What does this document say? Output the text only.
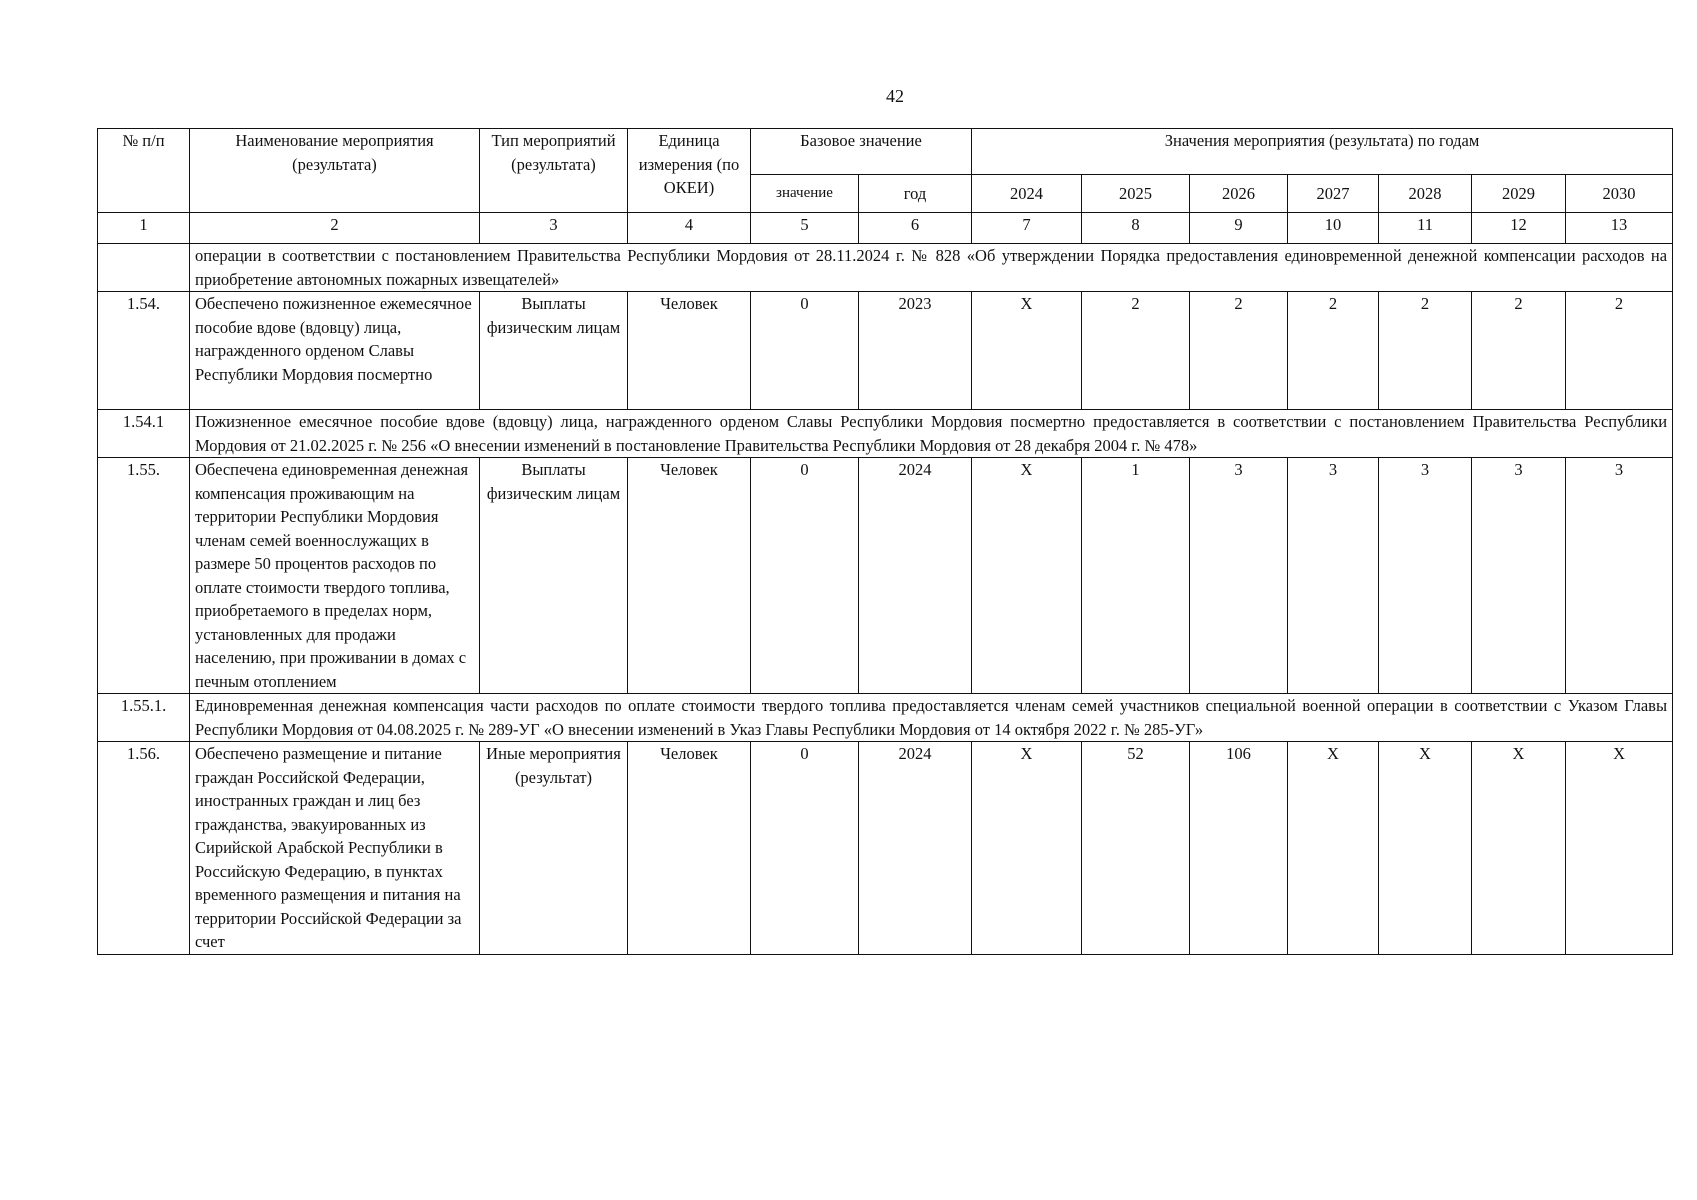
42
№ п/п	Наименование мероприятия (результата)	Тип мероприятий (результата)	Единица измерения (по ОКЕИ)	Базовое значение		Значения мероприятия (результата) по годам						
				значение	год	2024	2025	2026	2027	2028	2029	2030
1	2	3	4	5	6	7	8	9	10	11	12	13
	операции в соответствии с постановлением Правительства Республики Мордовия от 28.11.2024 г. № 828 «Об утверждении Порядка предоставления единовременной денежной компенсации расходов на приобретение автономных пожарных извещателей»											
1.54.	Обеспечено пожизненное ежемесячное пособие вдове (вдовцу) лица, награжденного орденом Славы Республики Мордовия посмертно	Выплаты физическим лицам	Человек	0	2023	X	2	2	2	2	2	2
1.54.1	Пожизненное емесячное пособие вдове (вдовцу) лица, награжденного орденом Славы Республики Мордовия посмертно предоставляется в соответствии с постановлением Правительства Республики Мордовия от 21.02.2025 г. № 256 «О внесении изменений в постановление Правительства Республики Мордовия от 28 декабря 2004 г. № 478»											
1.55.	Обеспечена единовременная денежная компенсация проживающим на территории Республики Мордовия членам семей военнослужащих в размере 50 процентов расходов по оплате стоимости твердого топлива, приобретаемого в пределах норм, установленных для продажи населению, при проживании в домах с печным отоплением	Выплаты физическим лицам	Человек	0	2024	X	1	3	3	3	3	3
1.55.1.	Единовременная денежная компенсация части расходов по оплате стоимости твердого топлива предоставляется членам семей участников специальной военной операции в соответствии с Указом Главы Республики Мордовия от 04.08.2025 г. № 289-УГ «О внесении изменений в Указ Главы Республики Мордовия от 14 октября 2022 г. № 285-УГ»											
1.56.	Обеспечено размещение и питание граждан Российской Федерации, иностранных граждан и лиц без гражданства, эвакуированных из Сирийской Арабской Республики в Российскую Федерацию, в пунктах временного размещения и питания на территории Российской Федерации за счет	Иные мероприятия (результат)	Человек	0	2024	X	52	106	X	X	X	X
